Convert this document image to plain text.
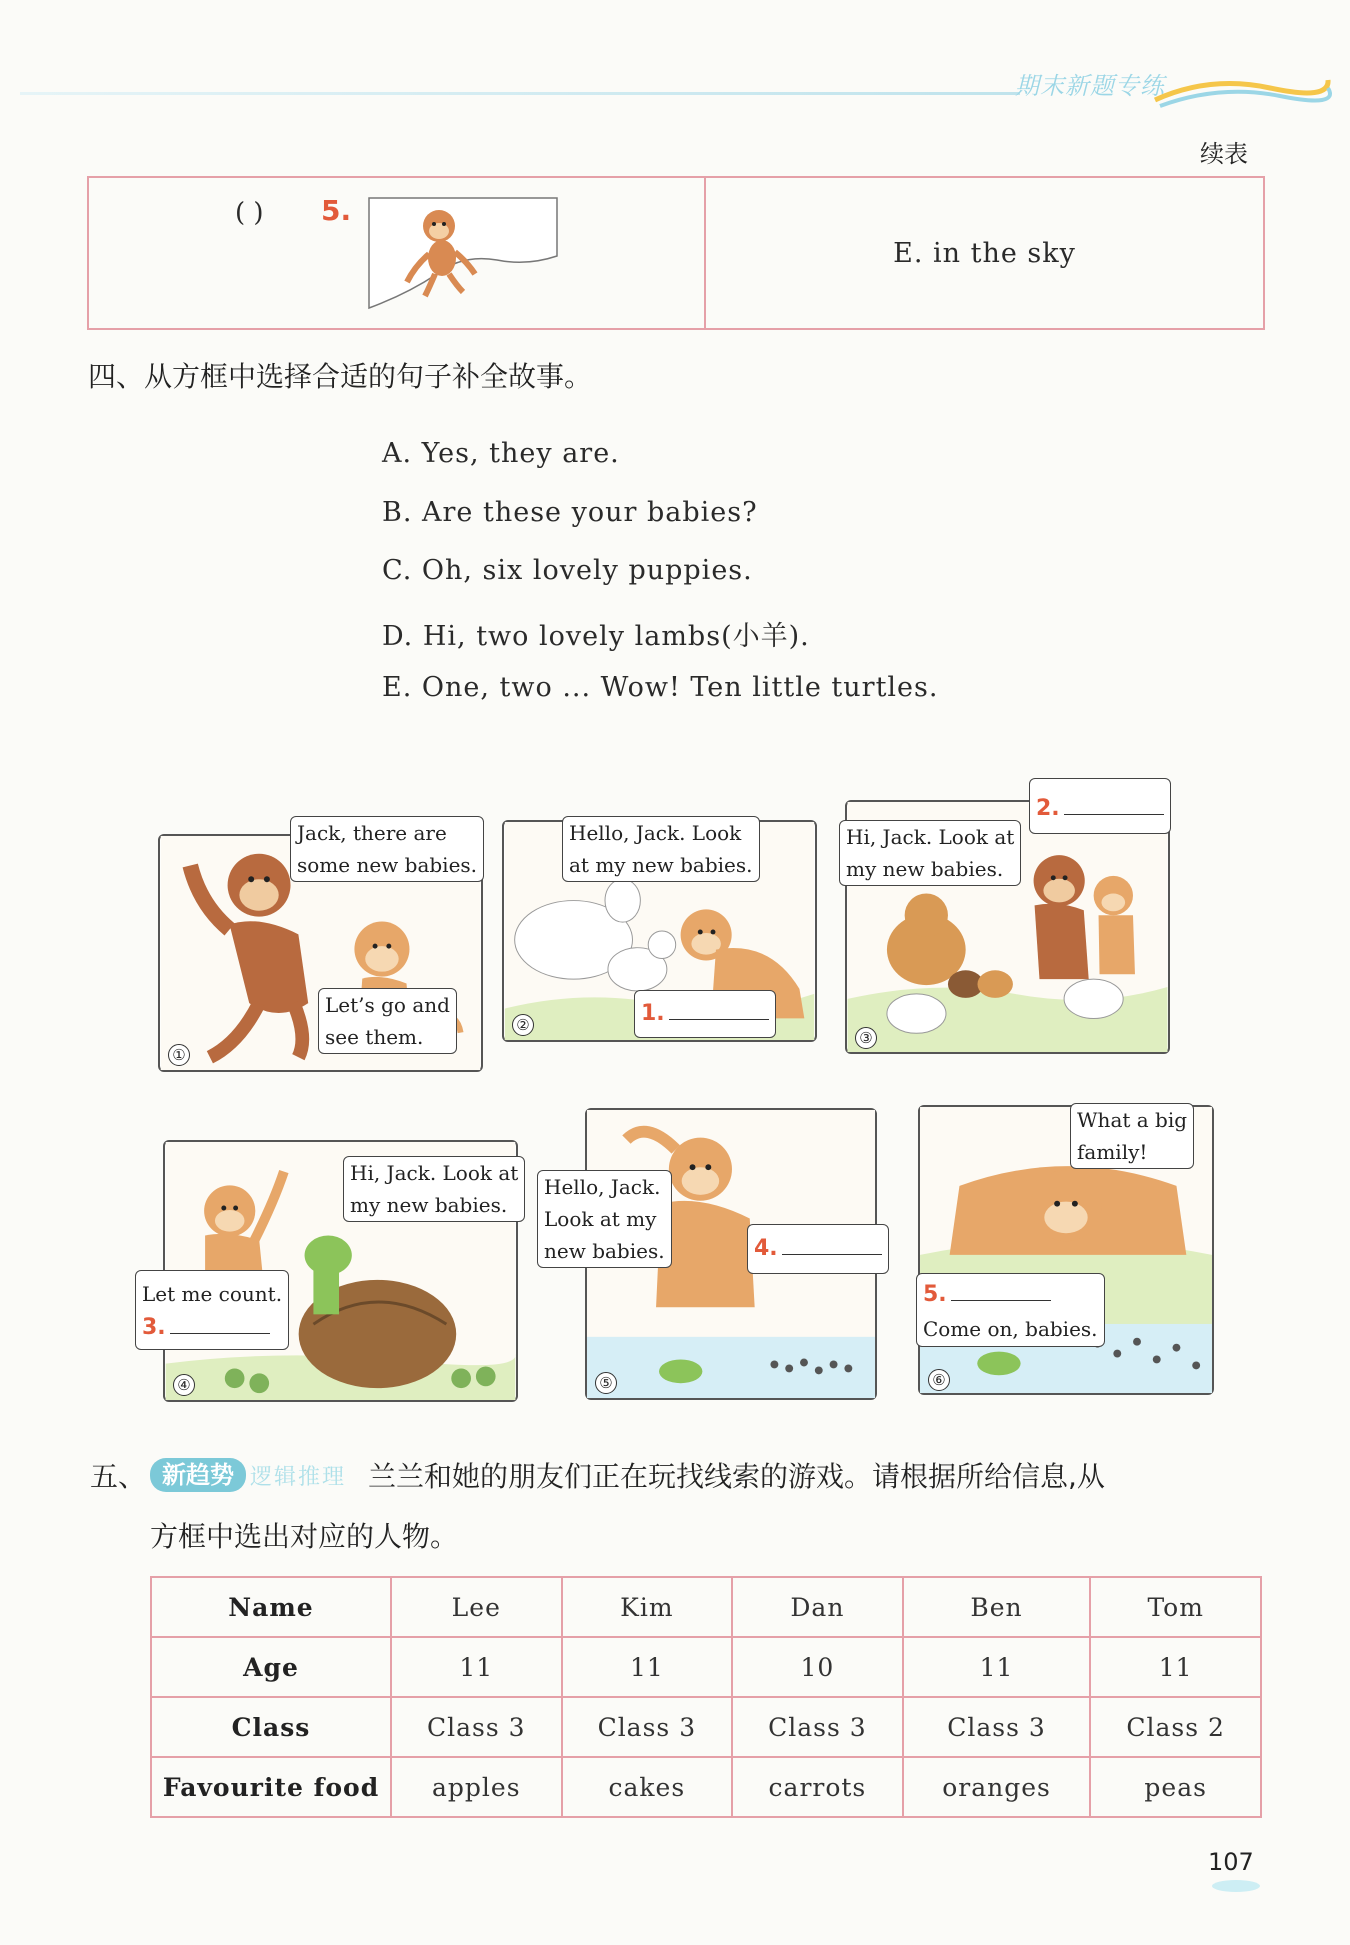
期末新题专练
续表
( ) 5.
E. in the sky
四、从方框中选择合适的句子补全故事。
A. Yes, they are.
B. Are these your babies?
C. Oh, six lovely puppies.
D. Hi, two lovely lambs(小羊).
E. One, two ... Wow! Ten little turtles.
Jack, there are
some new babies.
Let’s go and
see them.
①
Hello, Jack. Look
at my new babies.
1.
②
Hi, Jack. Look at
my new babies.
2.
③
Hi, Jack. Look at
my new babies.
Let me count.
3.
④
Hello, Jack.
Look at my
new babies.	4.
⑤
What a big
family!
5.
Come on, babies.
⑥
五、 新趋势 逻辑推理 兰兰和她的朋友们正在玩找线索的游戏。请根据所给信息,从
方框中选出对应的人物。
Name	Lee	Kim	Dan	Ben	Tom
Age	11	11	10	11	11
Class	Class 3	Class 3	Class 3	Class 3	Class 2
Favourite food	apples	cakes	carrots	oranges	peas
107
